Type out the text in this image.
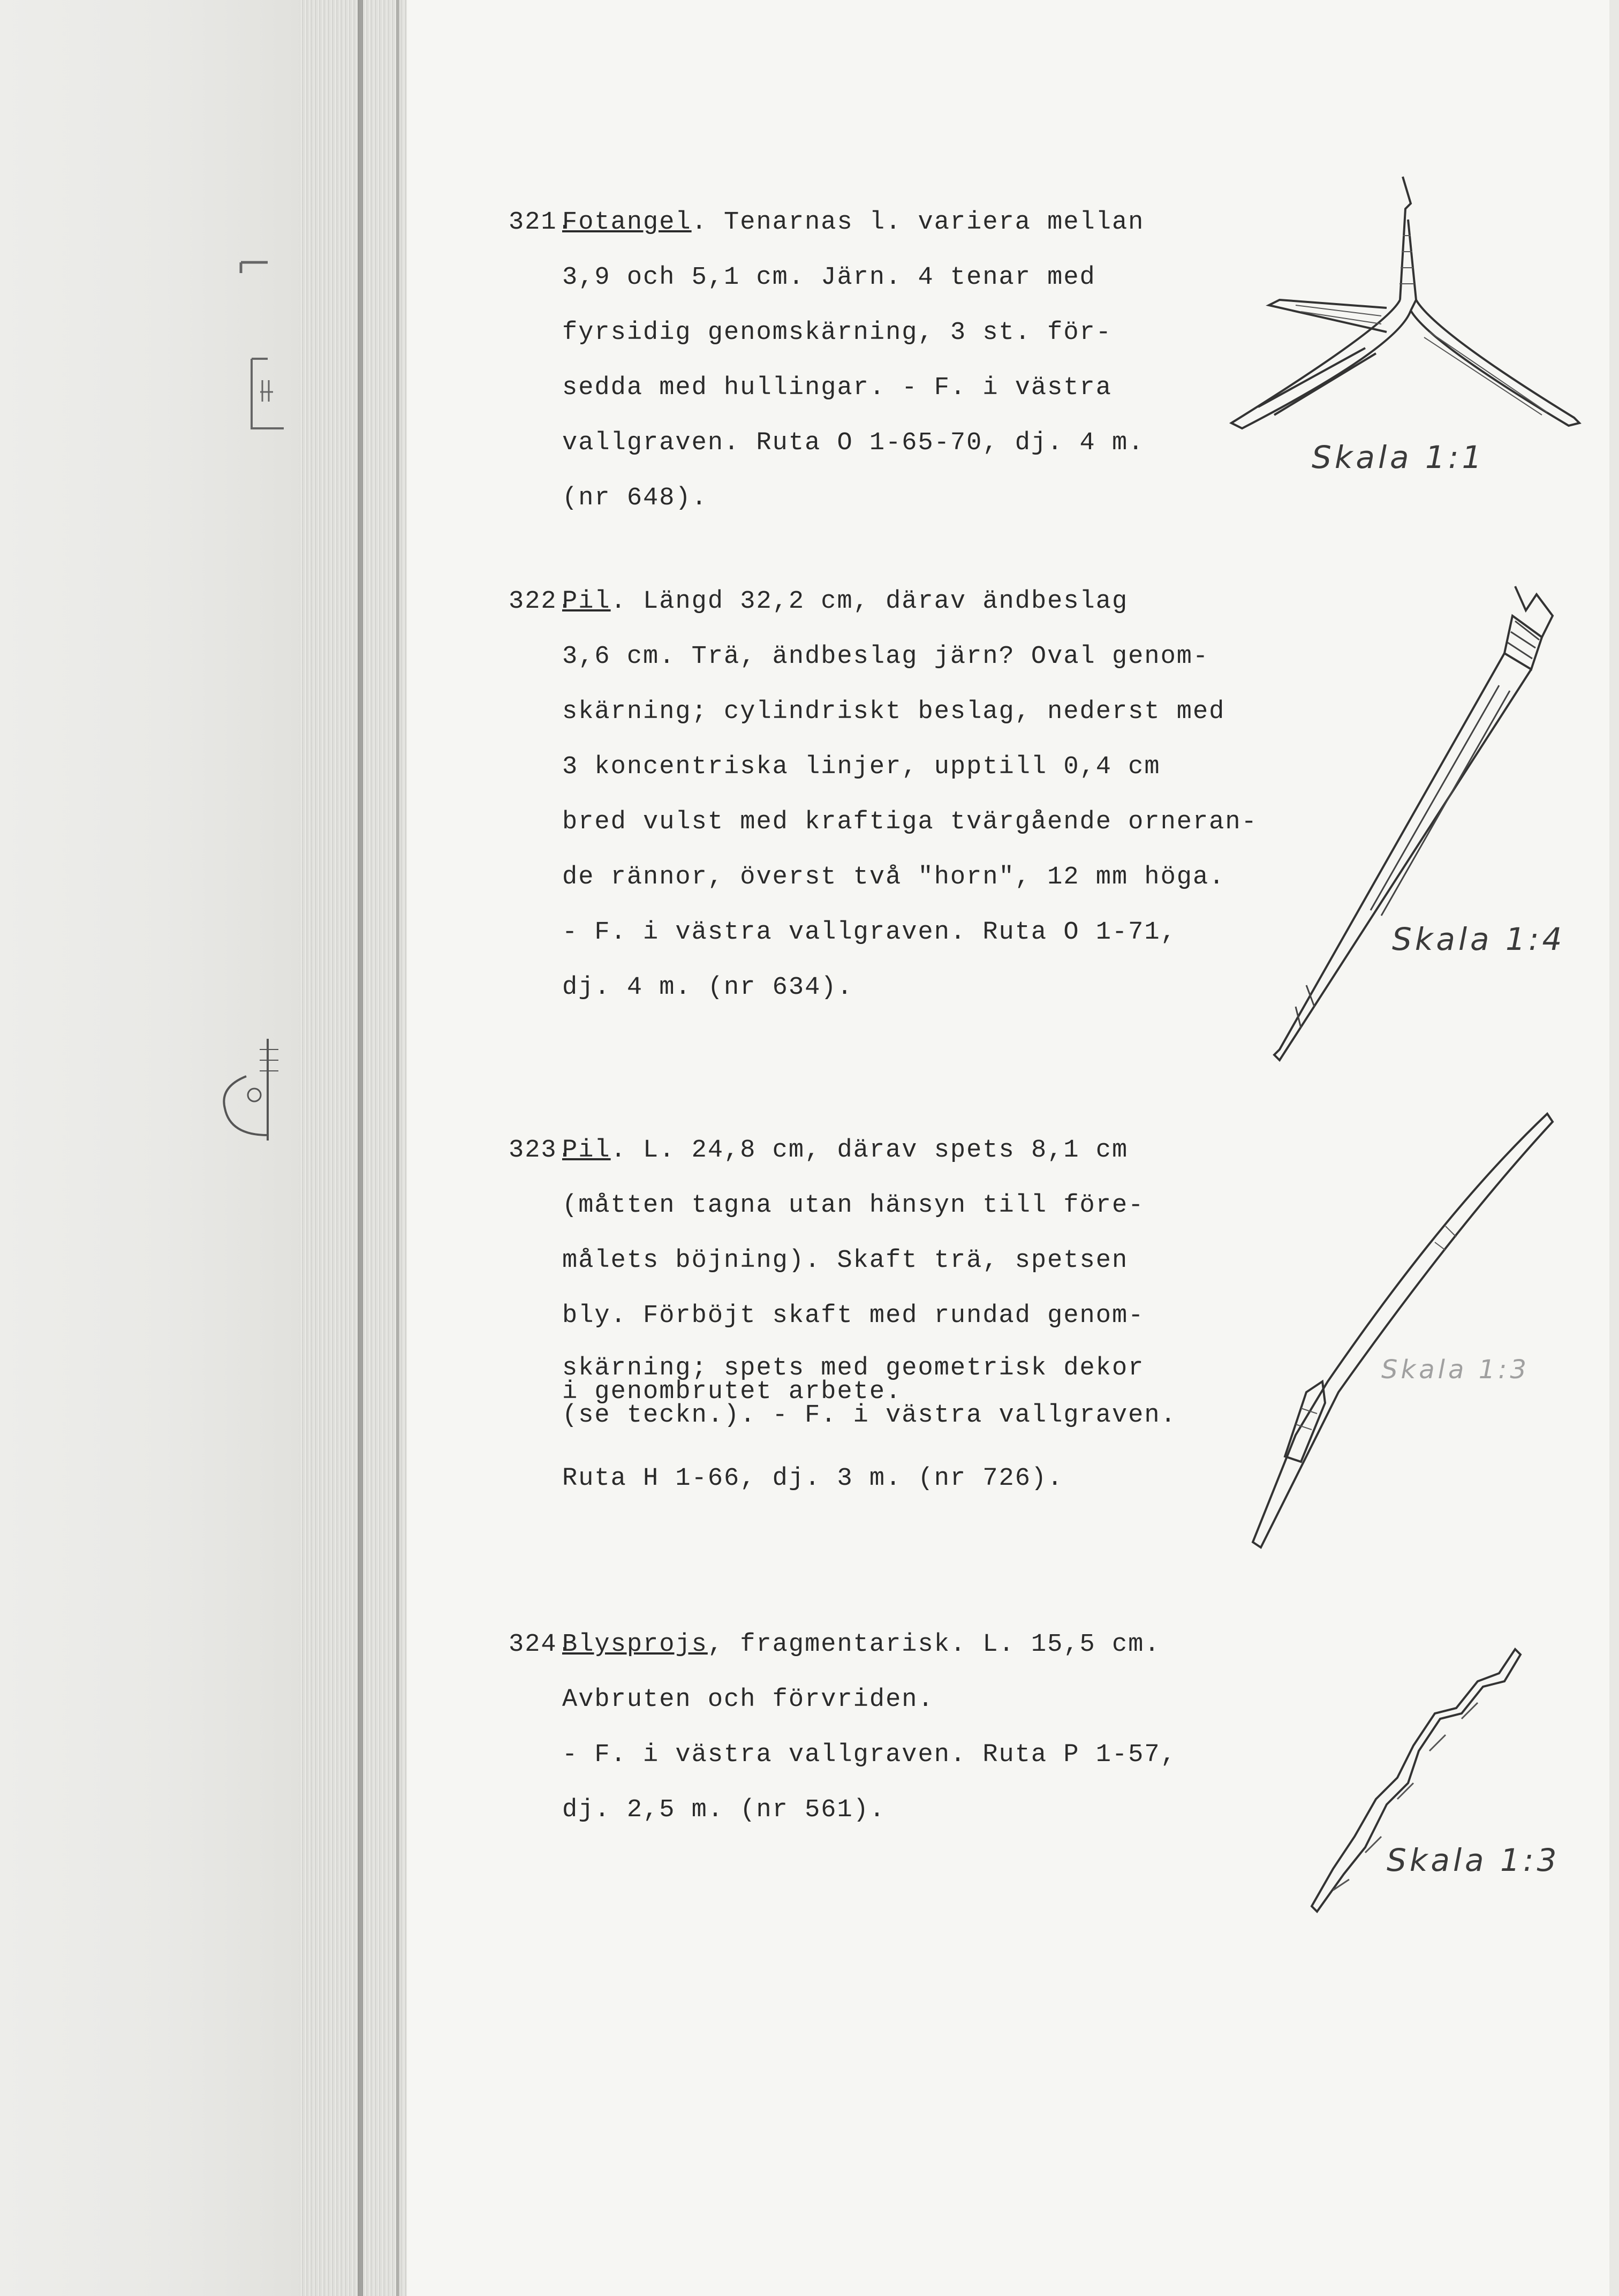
321.
Fotangel. Tenarnas l. variera mellan
3,9 och 5,1 cm. Järn. 4 tenar med
fyrsidig genomskärning, 3 st. för-
sedda med hullingar. - F. i västra
vallgraven. Ruta O 1-65-70, dj. 4 m.
(nr 648).
Skala 1:1
322.
Pil. Längd 32,2 cm, därav ändbeslag
3,6 cm. Trä, ändbeslag järn? Oval genom-
skärning; cylindriskt beslag, nederst med
3 koncentriska linjer, upptill 0,4 cm
bred vulst med kraftiga tvärgående orneran-
de rännor, överst två "horn", 12 mm höga.
- F. i västra vallgraven. Ruta O 1-71,
dj. 4 m. (nr 634).
Skala 1:4
323.
Pil. L. 24,8 cm, därav spets 8,1 cm
(måtten tagna utan hänsyn till före-
målets böjning). Skaft trä, spetsen
bly. Förböjt skaft med rundad genom-
skärning; spets med geometrisk dekor
i genombrutet arbete.
(se teckn.). - F. i västra vallgraven.
Ruta H 1-66, dj. 3 m. (nr 726).
Skala 1:3
324.
Blysprojs, fragmentarisk. L. 15,5 cm.
Avbruten och förvriden.
- F. i västra vallgraven. Ruta P 1-57,
dj. 2,5 m. (nr 561).
Skala 1:3
